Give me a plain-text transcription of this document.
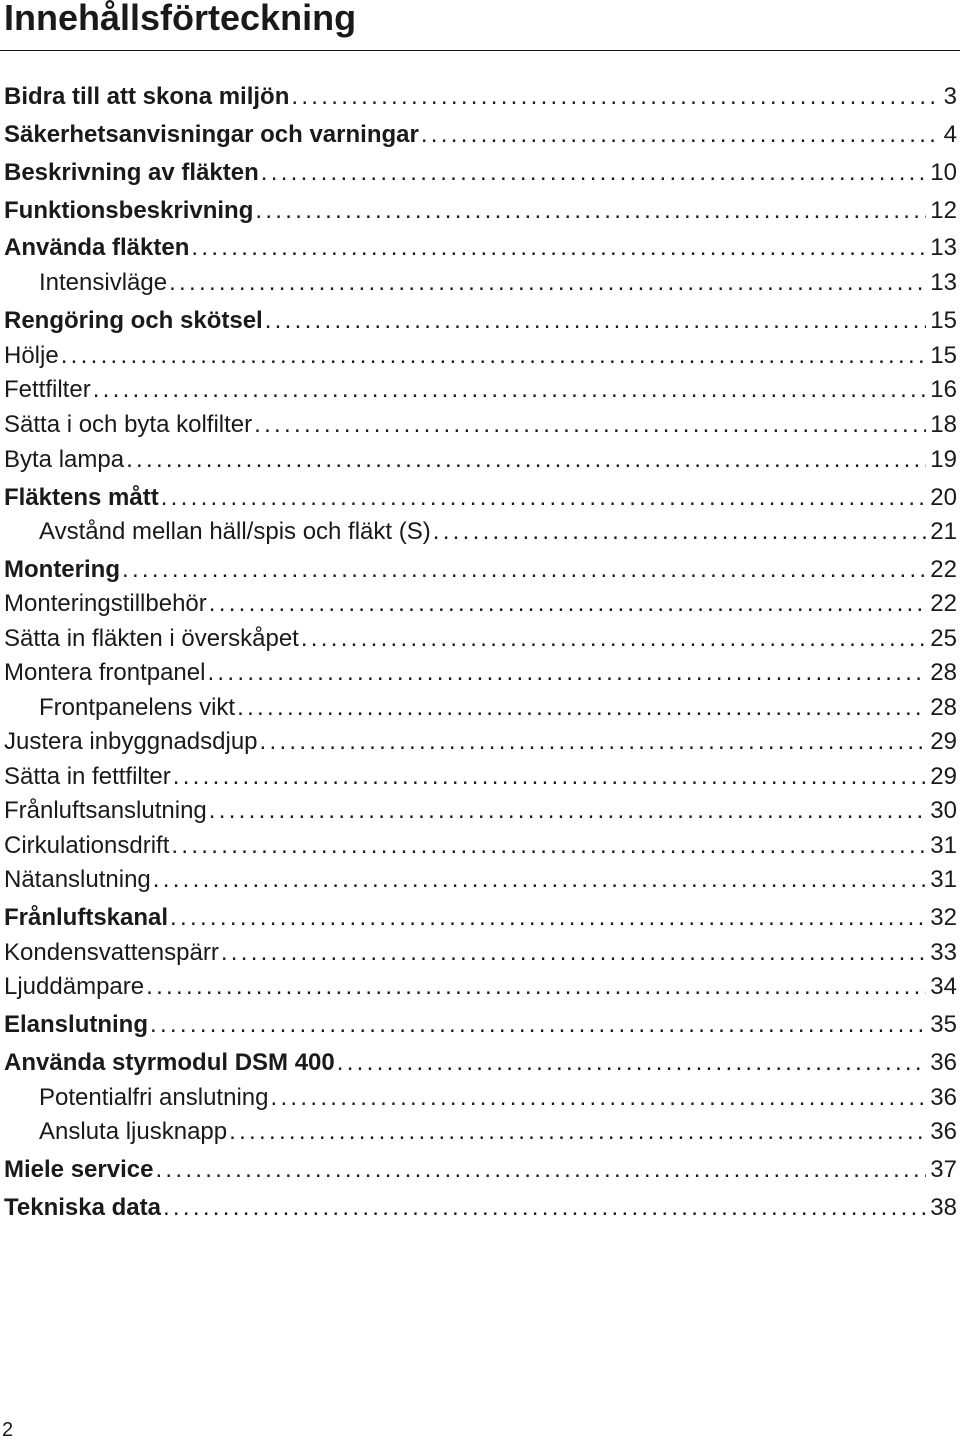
Innehållsförteckning
Bidra till att skona miljön .....	3
Säkerhetsanvisningar och varningar .....	4
Beskrivning av fläkten .....	10
Funktionsbeskrivning .....	12
Använda fläkten .....	13
Intensivläge .....	13
Rengöring och skötsel .....	15
Hölje .....	15
Fettfilter .....	16
Sätta i och byta kolfilter .....	18
Byta lampa .....	19
Fläktens mått .....	20
Avstånd mellan häll/spis och fläkt (S) .....	21
Montering .....	22
Monteringstillbehör .....	22
Sätta in fläkten i överskåpet .....	25
Montera frontpanel .....	28
Frontpanelens vikt .....	28
Justera inbyggnadsdjup .....	29
Sätta in fettfilter .....	29
Frånluftsanslutning .....	30
Cirkulationsdrift .....	31
Nätanslutning .....	31
Frånluftskanal .....	32
Kondensvattenspärr .....	33
Ljuddämpare .....	34
Elanslutning .....	35
Använda styrmodul DSM 400 .....	36
Potentialfri anslutning .....	36
Ansluta ljusknapp .....	36
Miele service .....	37
Tekniska data .....	38
2
